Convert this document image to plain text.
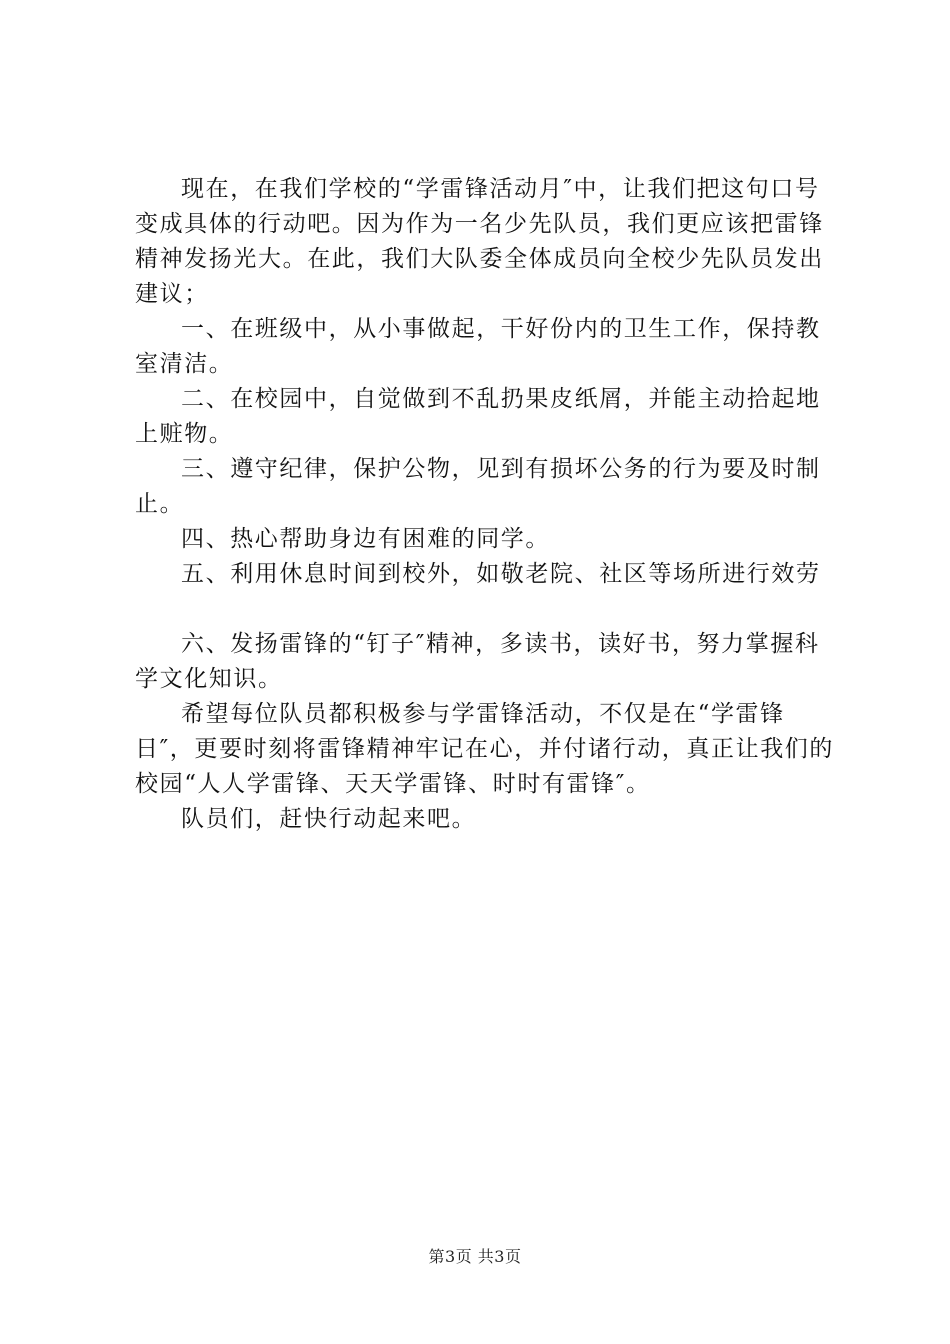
现在，在我们学校的“学雷锋活动月″中，让我们把这句口号变成具体的行动吧。因为作为一名少先队员，我们更应该把雷锋精神发扬光大。在此，我们大队委全体成员向全校少先队员发出建议；

一、在班级中，从小事做起，干好份内的卫生工作，保持教室清洁。

二、在校园中，自觉做到不乱扔果皮纸屑，并能主动拾起地上赃物。

三、遵守纪律，保护公物，见到有损坏公务的行为要及时制止。

四、热心帮助身边有困难的同学。

五、利用休息时间到校外，如敬老院、社区等场所进行效劳

六、发扬雷锋的“钉子″精神，多读书，读好书，努力掌握科学文化知识。

希望每位队员都积极参与学雷锋活动，不仅是在“学雷锋日″，更要时刻将雷锋精神牢记在心，并付诸行动，真正让我们的校园“人人学雷锋、天天学雷锋、时时有雷锋″。

队员们，赶快行动起来吧。

第3页 共3页
